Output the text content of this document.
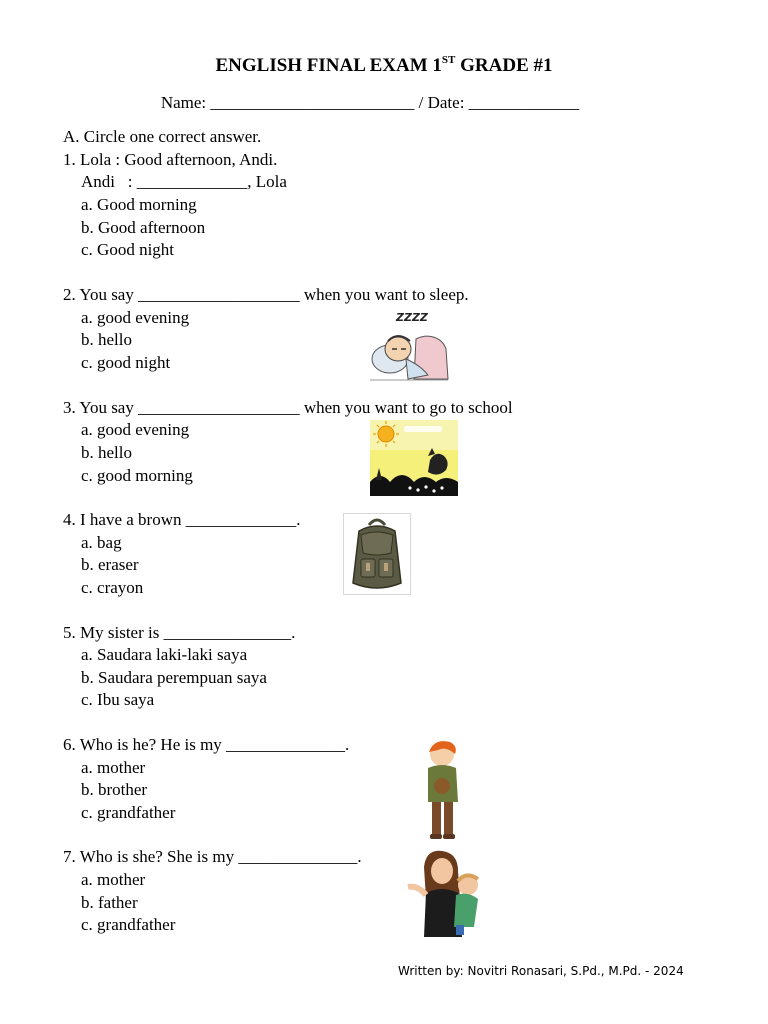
ENGLISH FINAL EXAM 1ST GRADE #1
Name: ________________________ / Date: _____________
A. Circle one correct answer.
1. Lola : Good afternoon, Andi.
Andi   : _____________, Lola
a. Good morning
b. Good afternoon
c. Good night
2. You say ___________________ when you want to sleep.
a. good evening
b. hello
c. good night
3. You say ___________________ when you want to go to school
a. good evening
b. hello
c. good morning
4. I have a brown _____________.
a. bag
b. eraser
c. crayon
5. My sister is _______________.
a. Saudara laki-laki saya
b. Saudara perempuan saya
c. Ibu saya
6. Who is he? He is my ______________.
a. mother
b. brother
c. grandfather
7. Who is she? She is my ______________.
a. mother
b. father
c. grandfather
ZZZZ
Written by: Novitri Ronasari, S.Pd., M.Pd. - 2024
